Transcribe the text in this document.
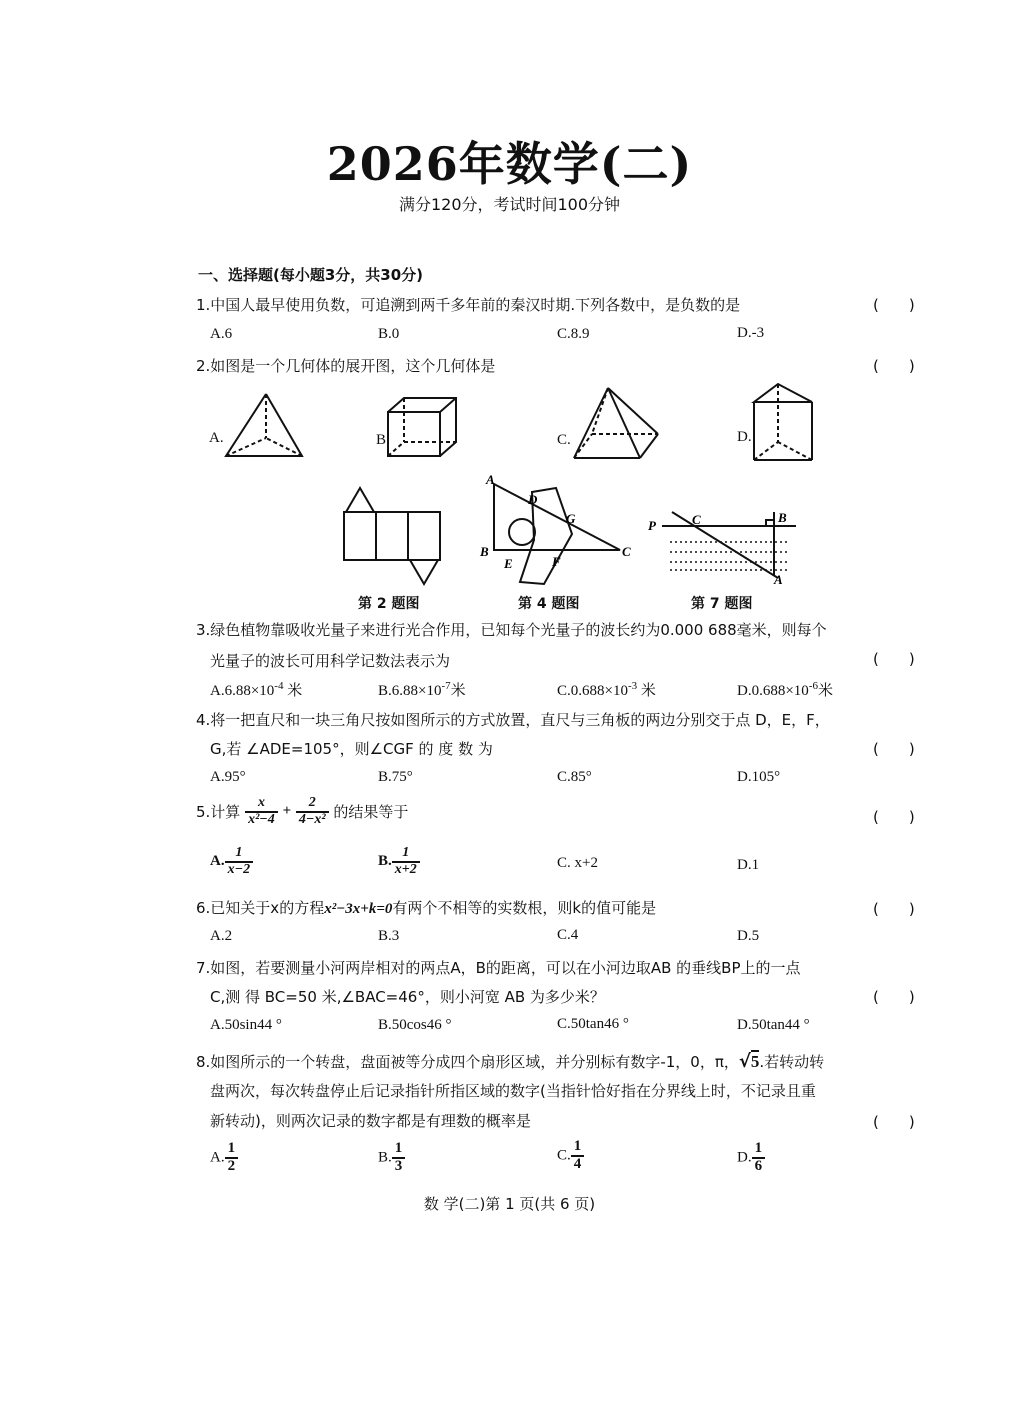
2026年数学(二)
满分120分，考试时间100分钟
一、选择题(每小题3分，共30分)
1.中国人最早使用负数，可追溯到两千多年前的秦汉时期.下列各数中，是负数的是	(　　)
A.6	B.0	C.8.9	D.-3
2.如图是一个几何体的展开图，这个几何体是	(　　)
A.	B.	C.	D.
第 2 题图
A
D
G
B	C
E	F
第 4 题图
P	C	B
A
第 7 题图
3.绿色植物靠吸收光量子来进行光合作用，已知每个光量子的波长约为0.000 688毫米，则每个
光量子的波长可用科学记数法表示为	(　　)
$A.6.88\times 10^{-4}$ 米	$B.6.88\times 10^{-7}$米	$C.0.688\times 10^{-3}$ 米	$D.0.688\times 10^{-6}$米
4.将一把直尺和一块三角尺按如图所示的方式放置，直尺与三角板的两边分别交于点 D，E，F，
G,若 ∠ADE=105°，则∠CGF 的 度 数 为	(　　)
A.95°	B.75°	C.85°	D.105°
5.计算 $\frac{x}{\text{x²−4}} + \frac{2}{\text{4−x²}}$ 的结果等于	(　　)
A. $\frac{1}{x-2}$	B. $\frac{1}{x+2}$	C. x+2	D.1
6.已知关于x的方程x²−3x+k=0有两个不相等的实数根，则k的值可能是	(　　)
A.2	B.3	C.4	D.5
7.如图，若要测量小河两岸相对的两点A，B的距离，可以在小河边取AB 的垂线BP上的一点
C,测 得 BC=50 米,∠BAC=46°，则小河宽 AB 为多少米？	(　　)
A.50sin44 °	B.50cos46 °	C.50tan46 °	D.50tan44 °
8.如图所示的一个转盘，盘面被等分成四个扇形区域，并分别标有数字-1，0，π，√5.若转动转
盘两次，每次转盘停止后记录指针所指区域的数字(当指针恰好指在分界线上时，不记录且重
新转动)，则两次记录的数字都是有理数的概率是	(　　)
A. $\frac{1}{2}$	B. $\frac{1}{3}$	C. $\frac{1}{4}$	D. $\frac{1}{6}$
数 学(二)第 1 页(共 6 页)
